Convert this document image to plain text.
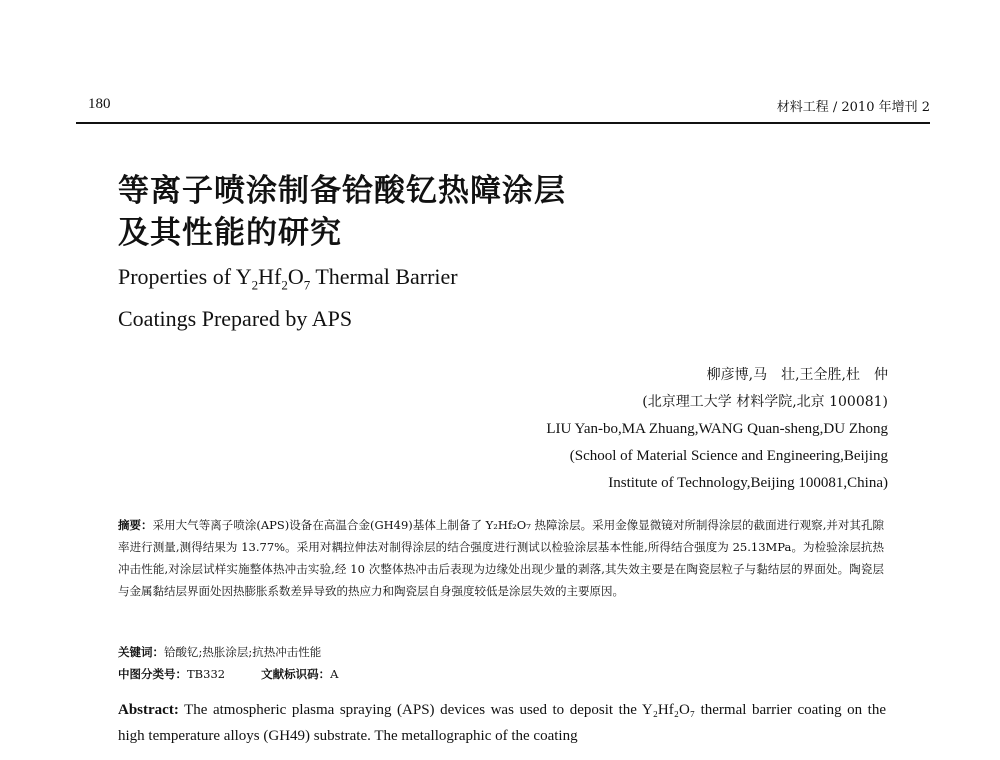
180	材料工程 / 2010 年增刊 2
等离子喷涂制备铪酸钇热障涂层
及其性能的研究
Properties of $Y_2Hf_2O_7$ Thermal Barrier
Coatings Prepared by APS
柳彦博,马　壮,王全胜,杜　仲
(北京理工大学 材料学院,北京 100081)
LIU Yan-bo,MA Zhuang,WANG Quan-sheng,DU Zhong
(School of Material Science and Engineering,Beijing
Institute of Technology,Beijing 100081,China)
摘要：采用大气等离子喷涂(APS)设备在高温合金(GH49)基体上制备了 Y₂Hf₂O₇ 热障涂层。采用金像显微镜对所制得涂层的截面进行观察,并对其孔隙率进行测量,测得结果为 13.77%。采用对耦拉伸法对制得涂层的结合强度进行测试以检验涂层基本性能,所得结合强度为 25.13MPa。为检验涂层抗热冲击性能,对涂层试样实施整体热冲击实验,经 10 次整体热冲击后表现为边缘处出现少量的剥落,其失效主要是在陶瓷层粒子与黏结层的界面处。陶瓷层与金属黏结层界面处因热膨胀系数差异导致的热应力和陶瓷层自身强度较低是涂层失效的主要原因。
关键词：铪酸钇;热胀涂层;抗热冲击性能
中图分类号：TB332	文献标识码：A
Abstract: The atmospheric plasma spraying (APS) devices was used to deposit the Y₂Hf₂O₇ thermal barrier coating on the high temperature alloys (GH49) substrate. The metallographic of the coating
